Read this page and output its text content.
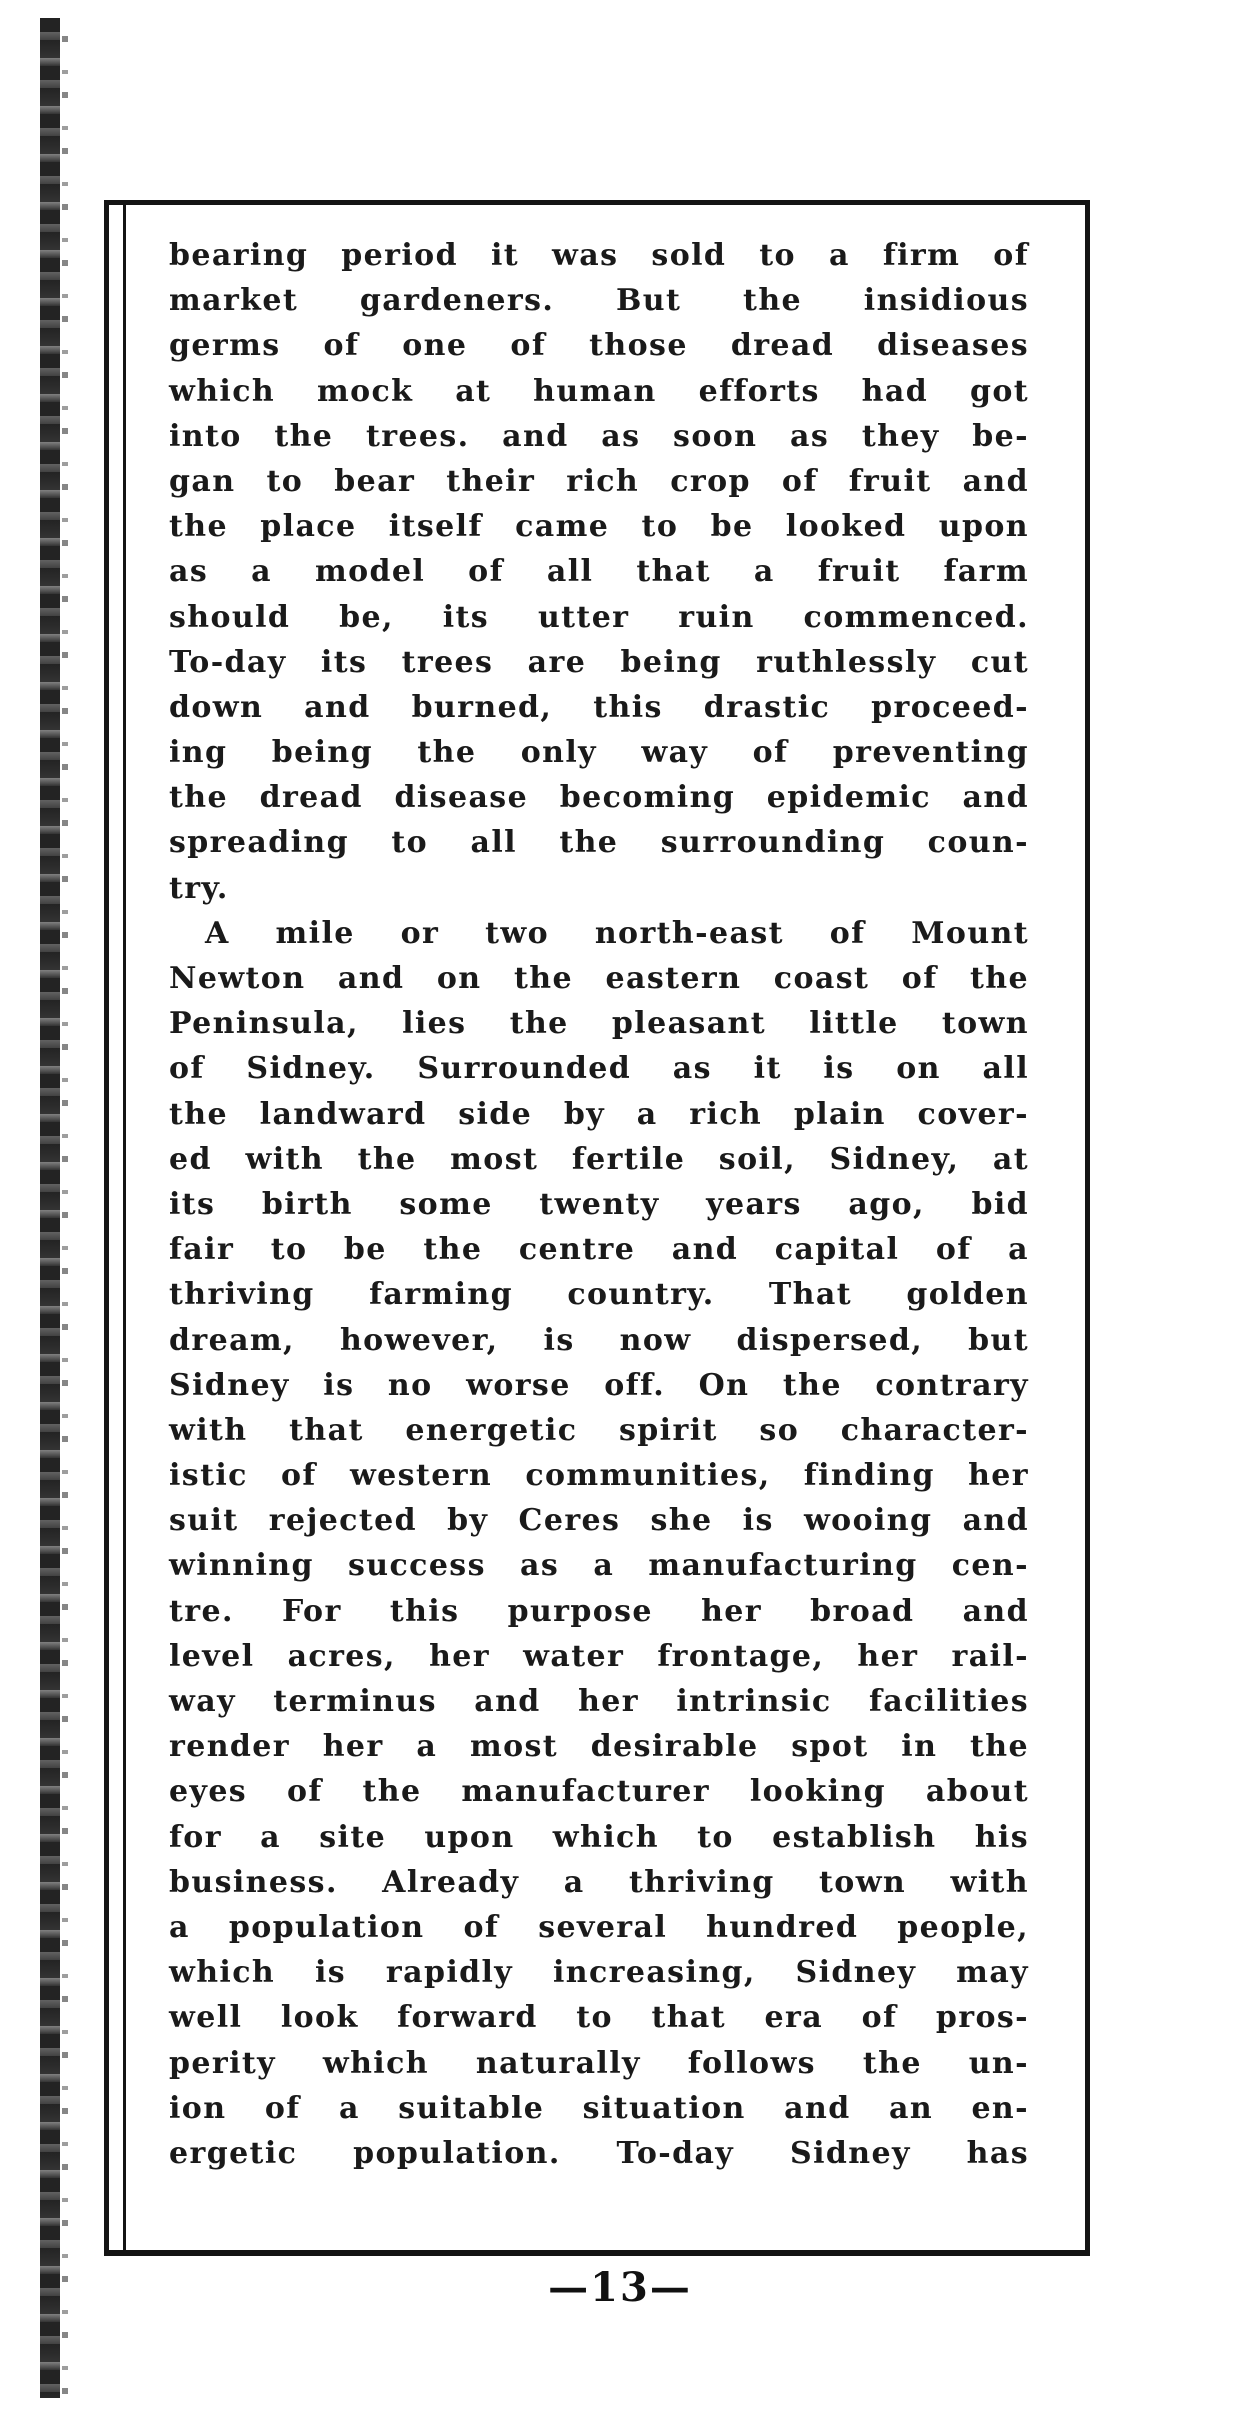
bearing period it was sold to a firm of
market gardeners. But the insidious
germs of one of those dread diseases
which mock at human efforts had got
into the trees. and as soon as they be-
gan to bear their rich crop of fruit and
the place itself came to be looked upon
as a model of all that a fruit farm
should be, its utter ruin commenced.
To-day its trees are being ruthlessly cut
down and burned, this drastic proceed-
ing being the only way of preventing
the dread disease becoming epidemic and
spreading to all the surrounding coun-
try.
A mile or two north-east of Mount
Newton and on the eastern coast of the
Peninsula, lies the pleasant little town
of Sidney. Surrounded as it is on all
the landward side by a rich plain cover-
ed with the most fertile soil, Sidney, at
its birth some twenty years ago, bid
fair to be the centre and capital of a
thriving farming country. That golden
dream, however, is now dispersed, but
Sidney is no worse off. On the contrary
with that energetic spirit so character-
istic of western communities, finding her
suit rejected by Ceres she is wooing and
winning success as a manufacturing cen-
tre. For this purpose her broad and
level acres, her water frontage, her rail-
way terminus and her intrinsic facilities
render her a most desirable spot in the
eyes of the manufacturer looking about
for a site upon which to establish his
business. Already a thriving town with
a population of several hundred people,
which is rapidly increasing, Sidney may
well look forward to that era of pros-
perity which naturally follows the un-
ion of a suitable situation and an en-
ergetic population. To-day Sidney has
—13—
